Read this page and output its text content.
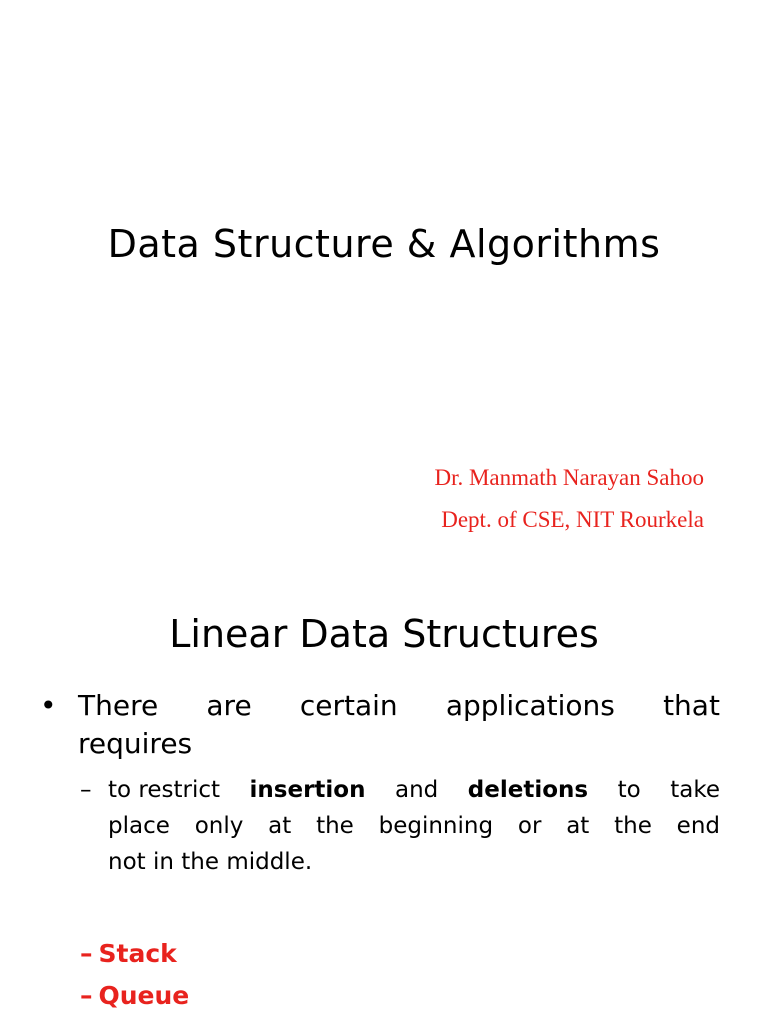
Data Structure & Algorithms
Dr. Manmath Narayan Sahoo
Dept. of CSE, NIT Rourkela
Linear Data Structures
• There are certain applications that
requires
– to restrict insertion and deletions to take
place only at the beginning or at the end
not in the middle.
– Stack
– Queue
